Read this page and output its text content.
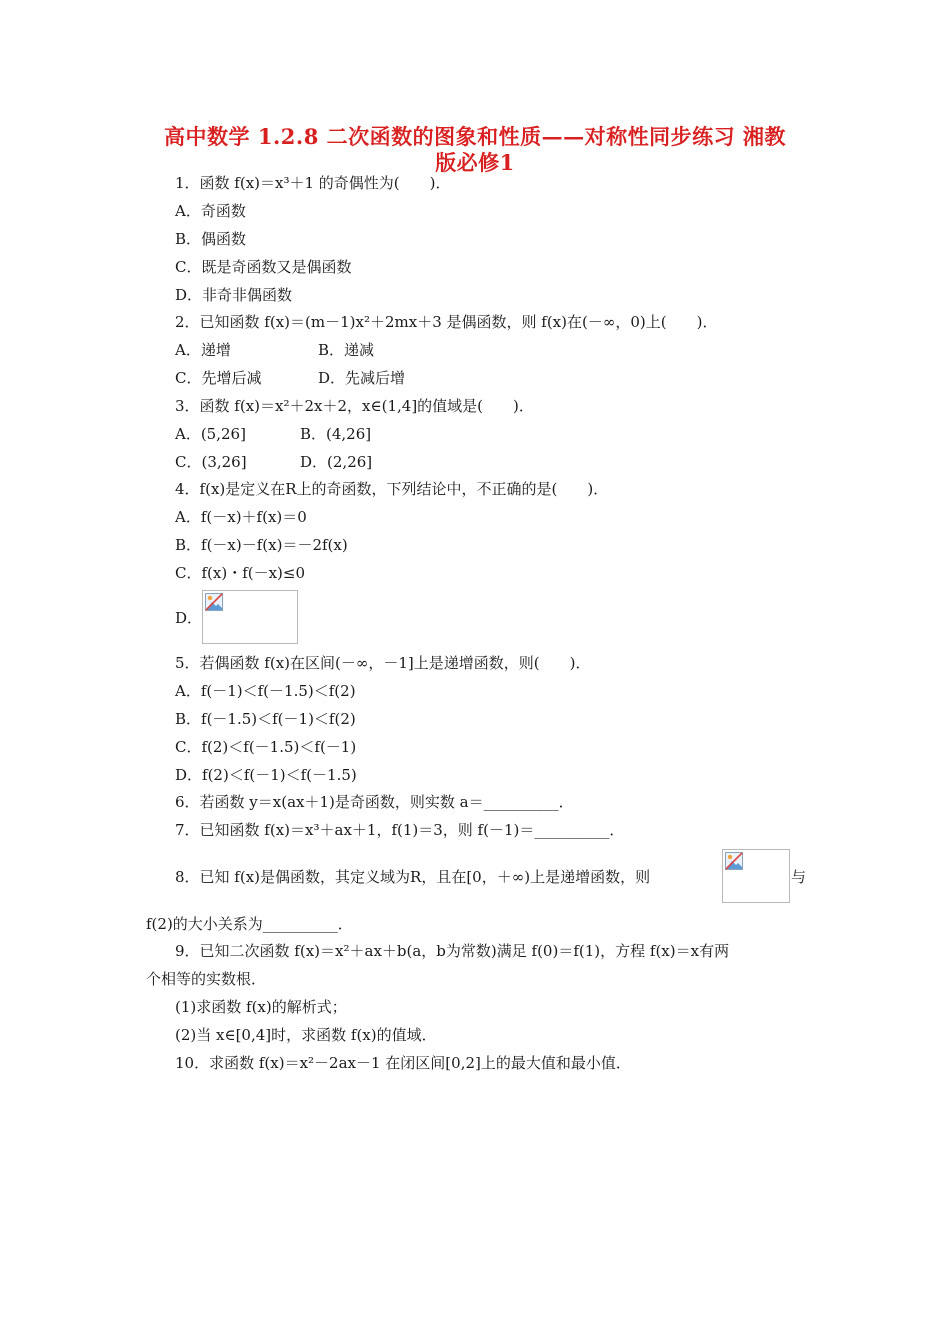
高中数学 1.2.8 二次函数的图象和性质——对称性同步练习 湘教
版必修1
1．函数 f(x)＝x³＋1 的奇偶性为(　　)．
A．奇函数
B．偶函数
C．既是奇函数又是偶函数
D．非奇非偶函数
2．已知函数 f(x)＝(m－1)x²＋2mx＋3 是偶函数，则 f(x)在(－∞，0)上(　　)．
A．递增	B．递减
C．先增后减	D．先减后增
3．函数 f(x)＝x²＋2x＋2，x∈(1,4]的值域是(　　)．
A．(5,26]	B．(4,26]
C．(3,26]	D．(2,26]
4．f(x)是定义在R上的奇函数，下列结论中，不正确的是(　　)．
A．f(－x)＋f(x)＝0
B．f(－x)－f(x)＝－2f(x)
C．f(x)・f(－x)≤0
D．
5．若偶函数 f(x)在区间(－∞，－1]上是递增函数，则(　　)．
A．f(－1)＜f(－1.5)＜f(2)
B．f(－1.5)＜f(－1)＜f(2)
C．f(2)＜f(－1.5)＜f(－1)
D．f(2)＜f(－1)＜f(－1.5)
6．若函数 y＝x(ax＋1)是奇函数，则实数 a＝__________．
7．已知函数 f(x)＝x³＋ax＋1，f(1)＝3，则 f(－1)＝__________．
8．已知 f(x)是偶函数，其定义域为R，且在[0，＋∞)上是递增函数，则	与
f(2)的大小关系为__________．
9．已知二次函数 f(x)＝x²＋ax＋b(a，b为常数)满足 f(0)＝f(1)，方程 f(x)＝x有两
个相等的实数根．
(1)求函数 f(x)的解析式；
(2)当 x∈[0,4]时，求函数 f(x)的值域．
10．求函数 f(x)＝x²－2ax－1 在闭区间[0,2]上的最大值和最小值．
